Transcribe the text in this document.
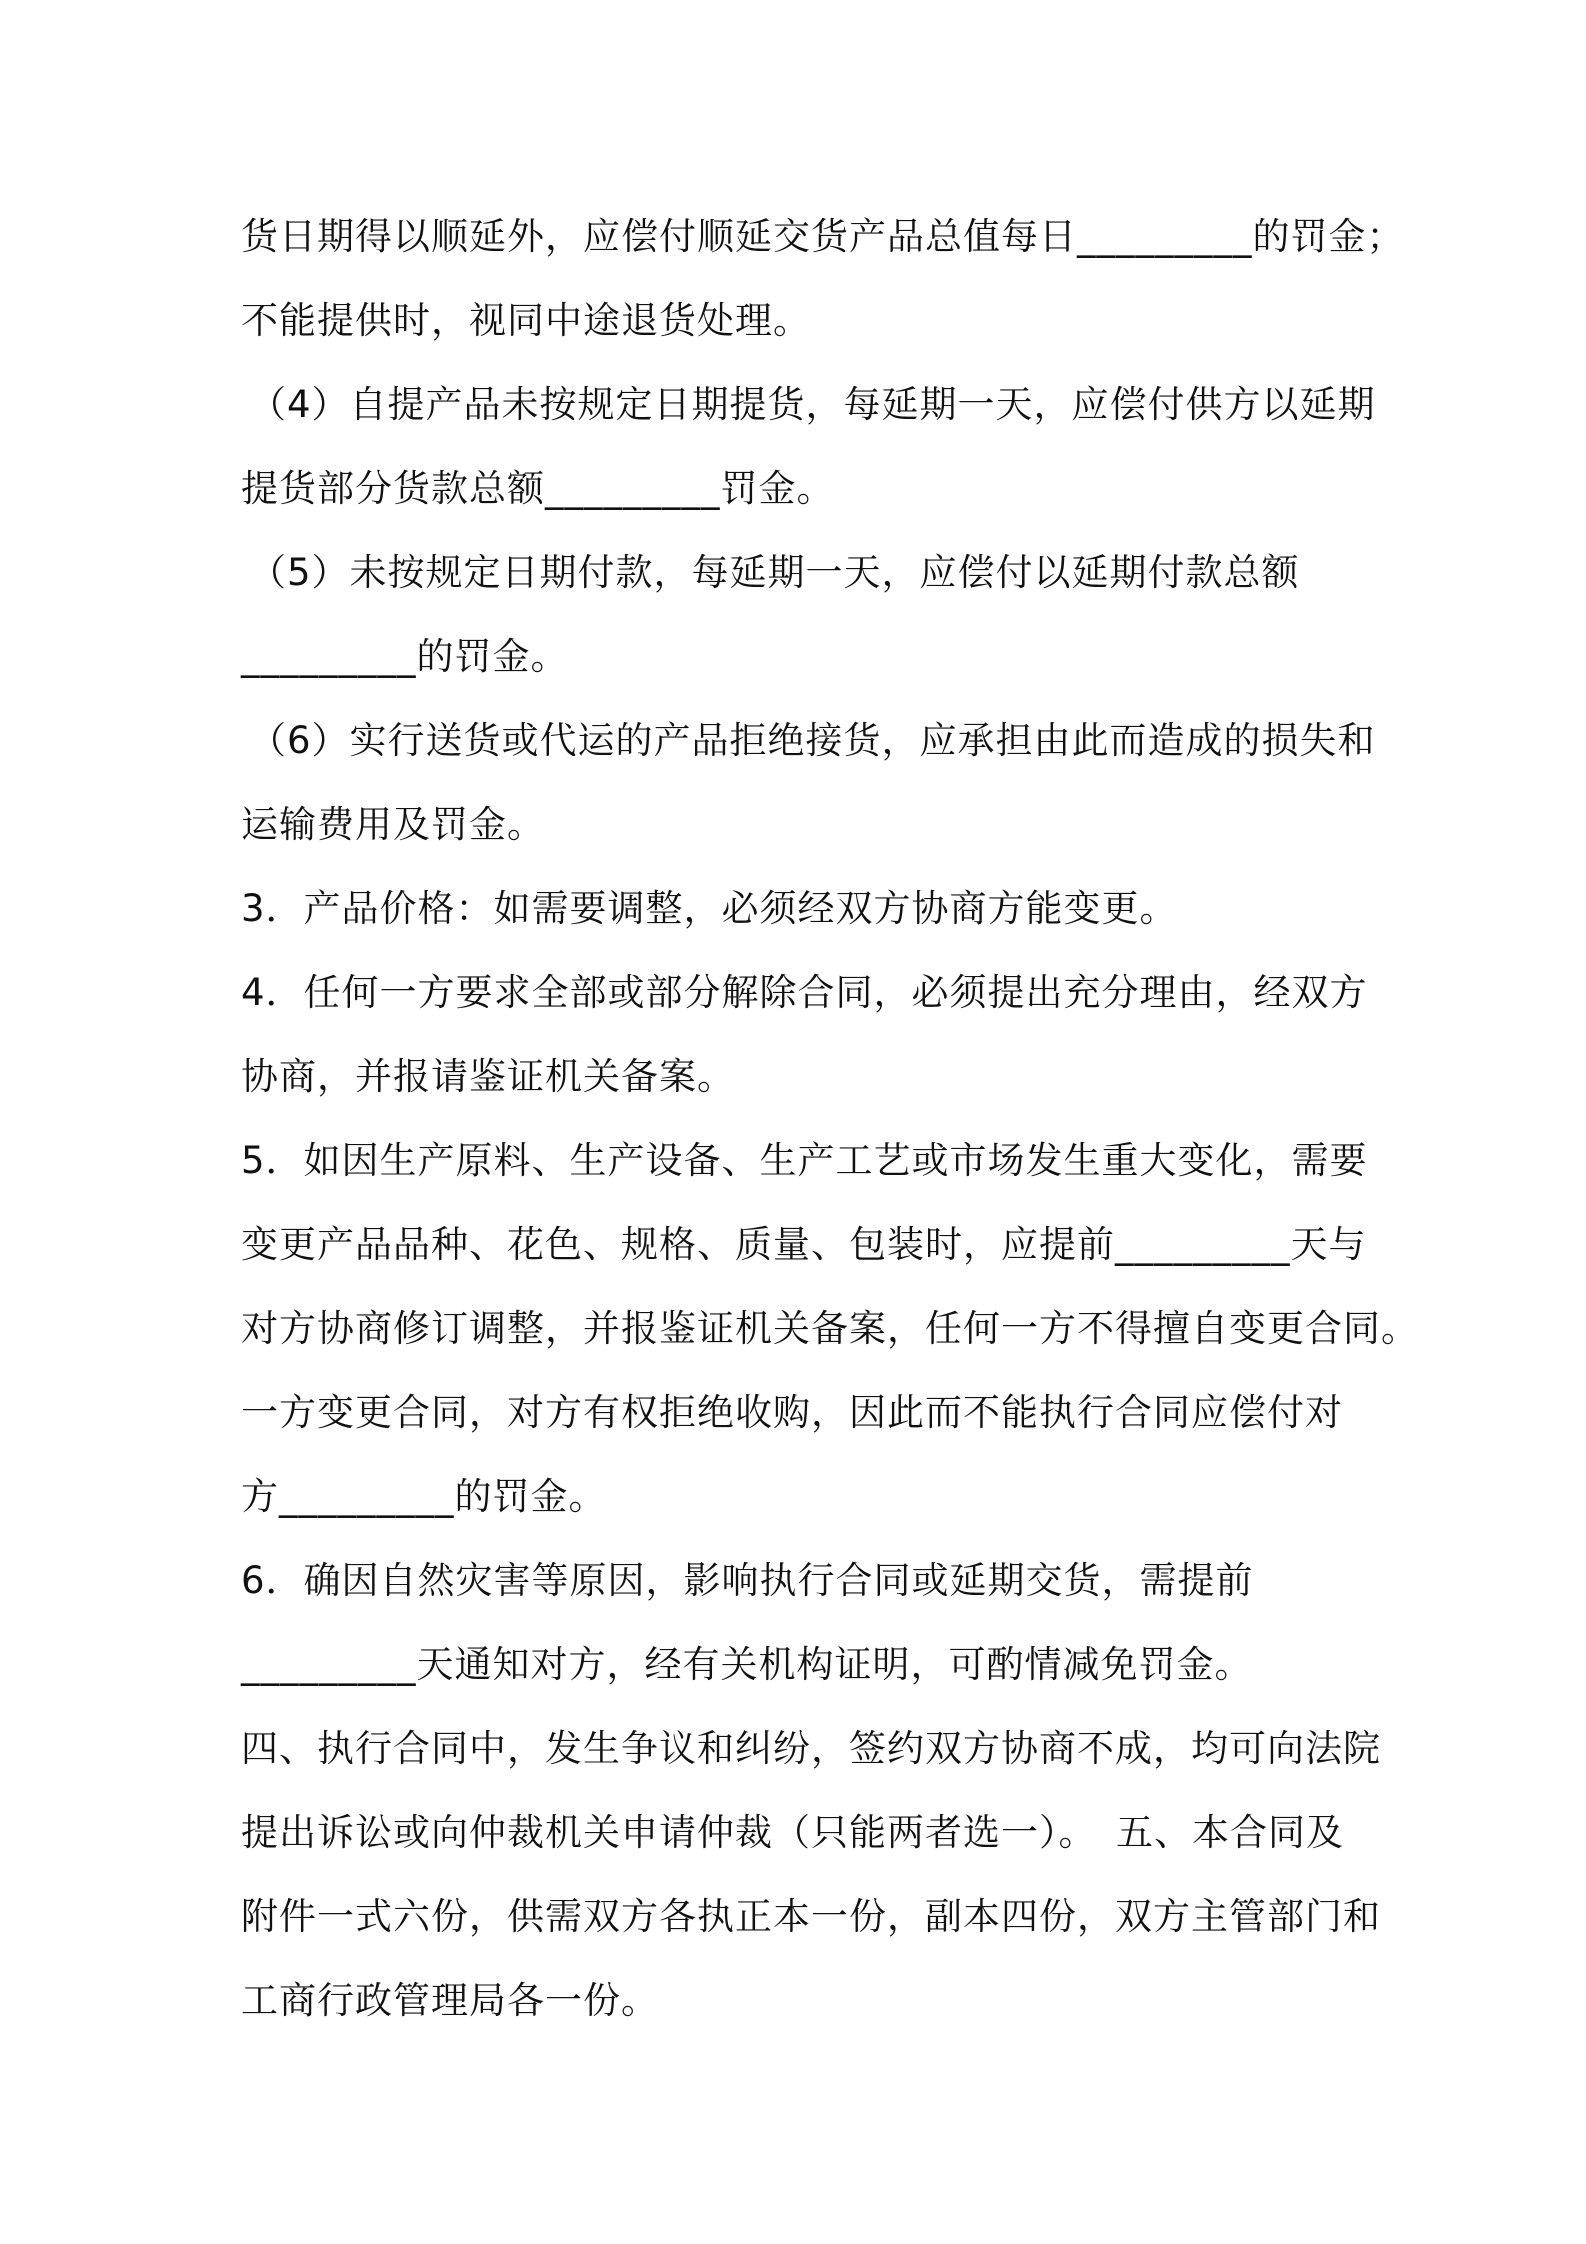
货日期得以顺延外，应偿付顺延交货产品总值每日_________的罚金；
不能提供时，视同中途退货处理。
（4）自提产品未按规定日期提货，每延期一天，应偿付供方以延期
提货部分货款总额_________罚金。
（5）未按规定日期付款，每延期一天，应偿付以延期付款总额
_________的罚金。
（6）实行送货或代运的产品拒绝接货，应承担由此而造成的损失和
运输费用及罚金。
3．产品价格：如需要调整，必须经双方协商方能变更。
4．任何一方要求全部或部分解除合同，必须提出充分理由，经双方
协商，并报请鉴证机关备案。
5．如因生产原料、生产设备、生产工艺或市场发生重大变化，需要
变更产品品种、花色、规格、质量、包装时，应提前_________天与
对方协商修订调整，并报鉴证机关备案，任何一方不得擅自变更合同。
一方变更合同，对方有权拒绝收购，因此而不能执行合同应偿付对
方_________的罚金。
6．确因自然灾害等原因，影响执行合同或延期交货，需提前
_________天通知对方，经有关机构证明，可酌情减免罚金。
四、执行合同中，发生争议和纠纷，签约双方协商不成，均可向法院
提出诉讼或向仲裁机关申请仲裁（只能两者选一）。　五、本合同及
附件一式六份，供需双方各执正本一份，副本四份，双方主管部门和
工商行政管理局各一份。
